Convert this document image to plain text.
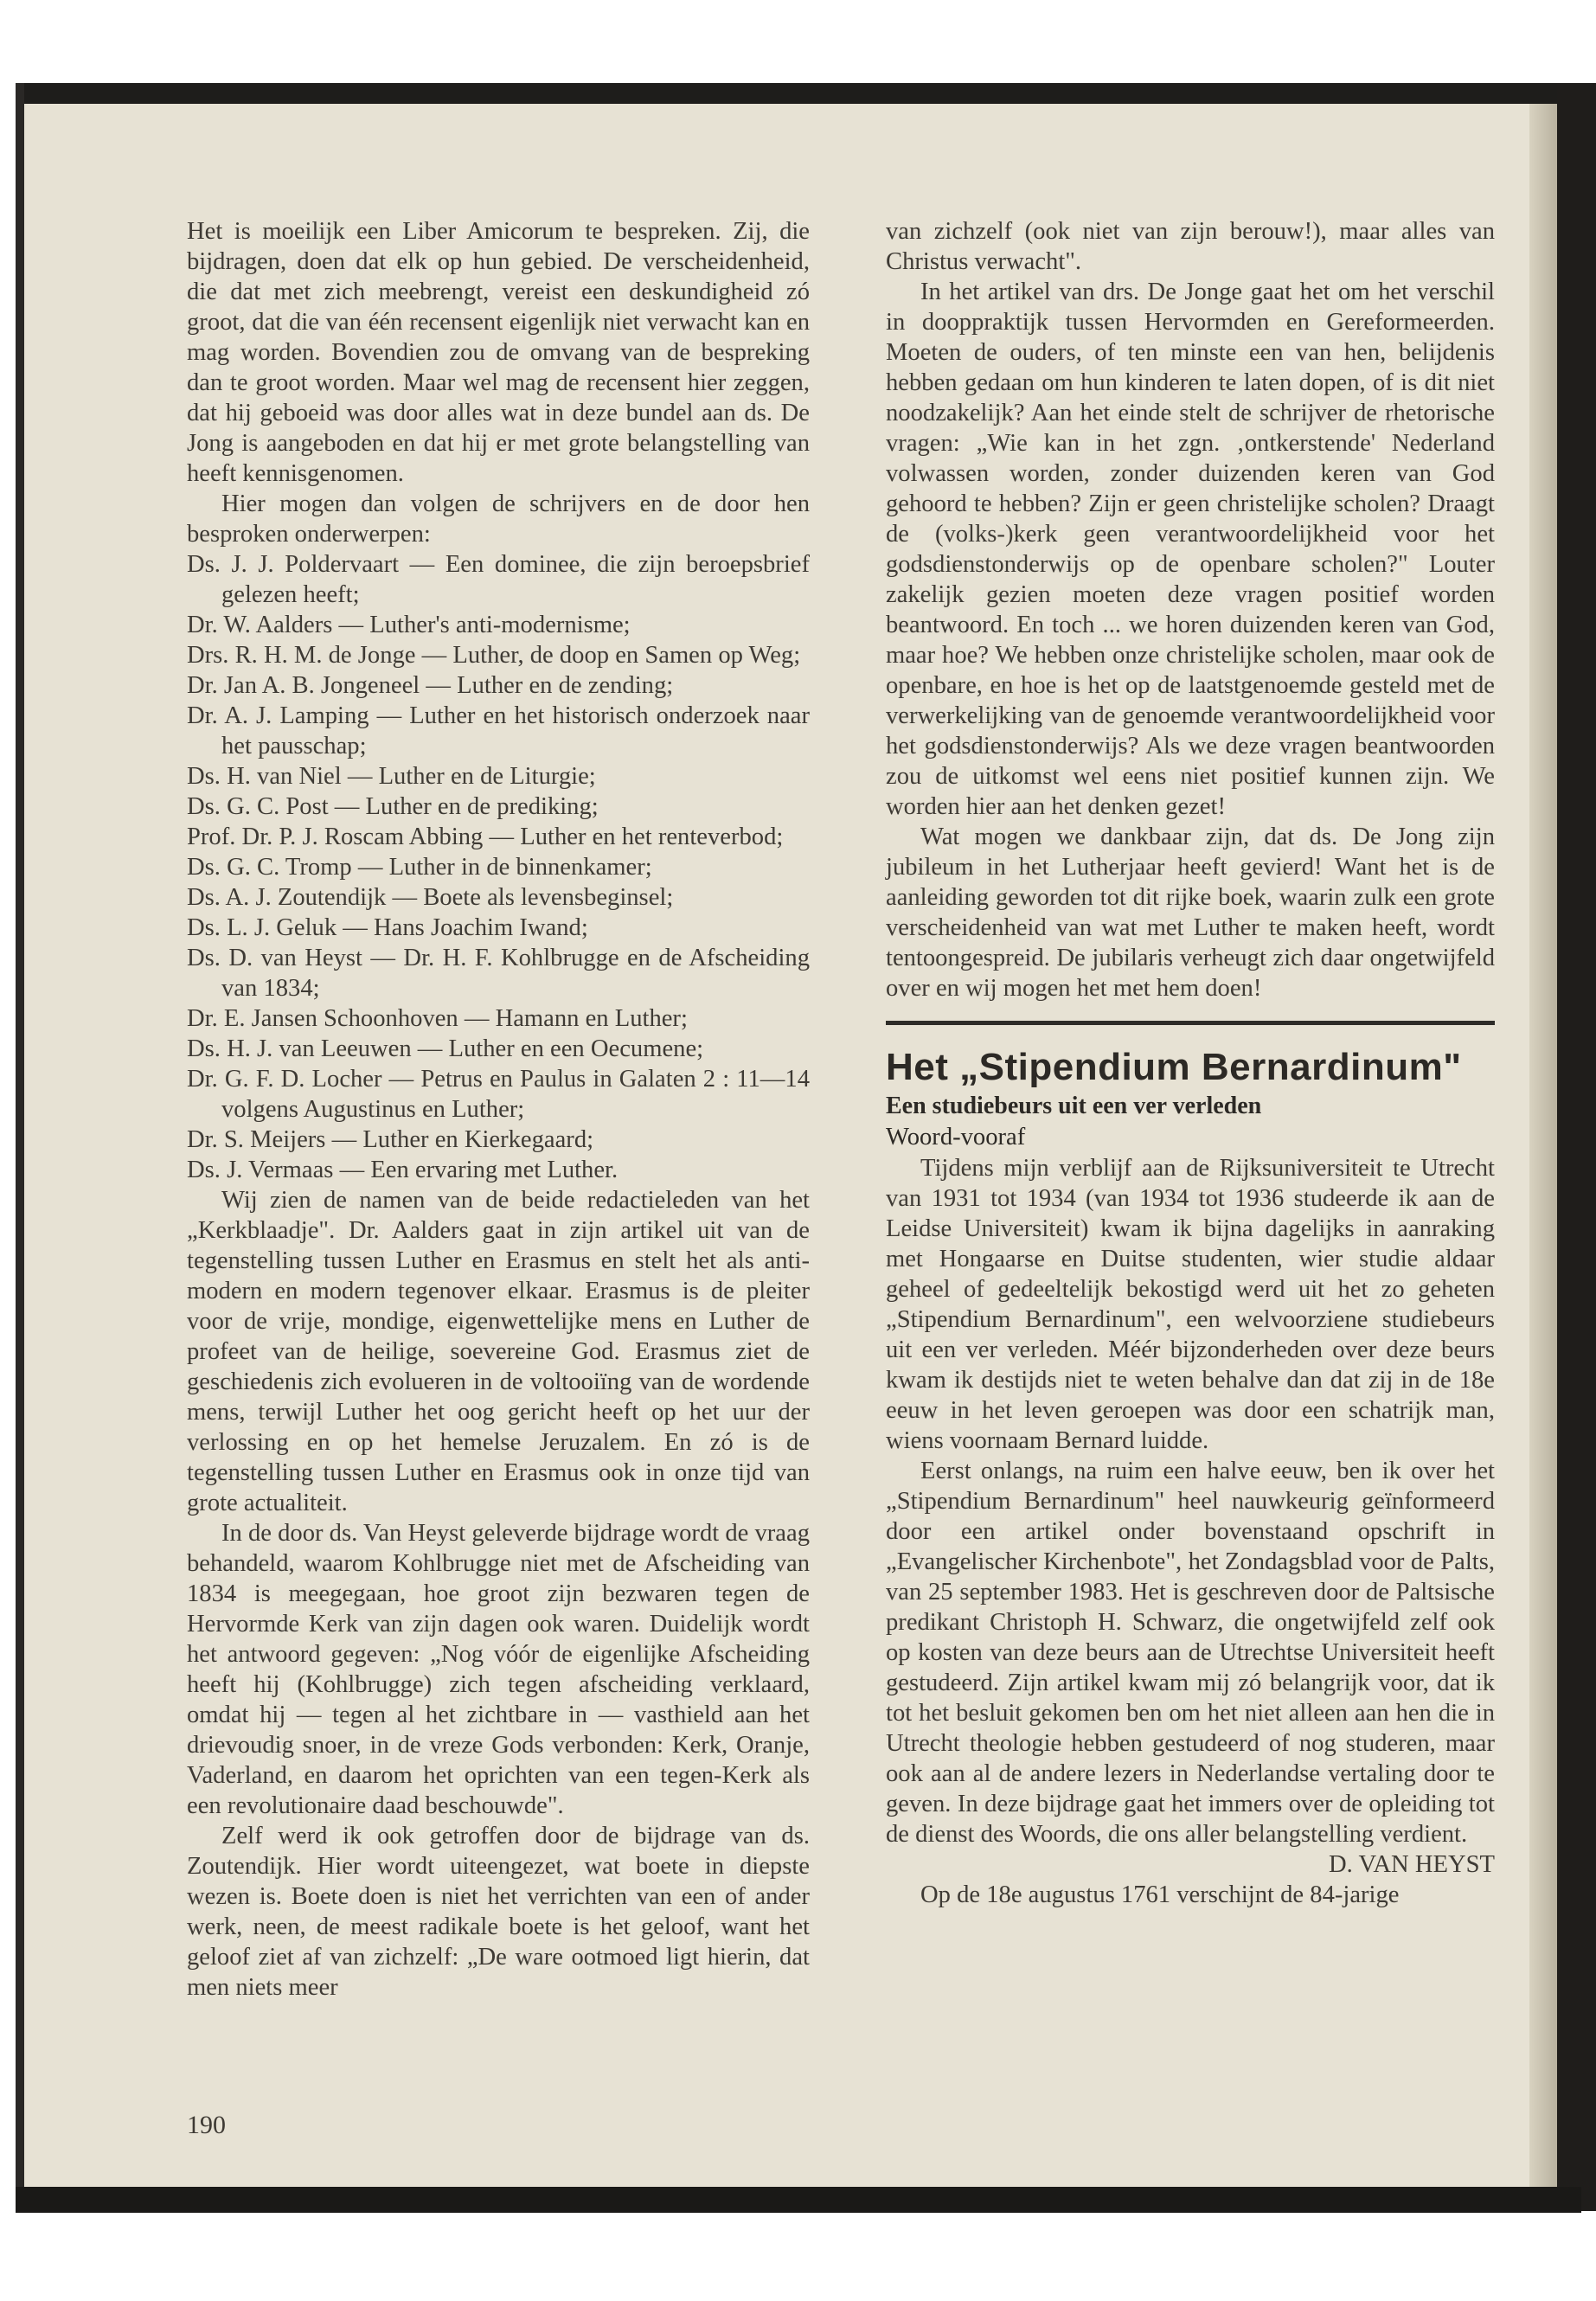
Het is moeilijk een Liber Amicorum te bespreken. Zij, die bijdragen, doen dat elk op hun gebied. De verscheidenheid, die dat met zich meebrengt, vereist een deskundigheid zó groot, dat die van één recensent eigenlijk niet verwacht kan en mag worden. Bovendien zou de omvang van de bespreking dan te groot worden. Maar wel mag de recensent hier zeggen, dat hij geboeid was door alles wat in deze bundel aan ds. De Jong is aangeboden en dat hij er met grote belangstelling van heeft kennisgenomen.

Hier mogen dan volgen de schrijvers en de door hen besproken onderwerpen:

Ds. J. J. Poldervaart — Een dominee, die zijn beroepsbrief gelezen heeft;

Dr. W. Aalders — Luther's anti-modernisme;

Drs. R. H. M. de Jonge — Luther, de doop en Samen op Weg;

Dr. Jan A. B. Jongeneel — Luther en de zending;

Dr. A. J. Lamping — Luther en het historisch onderzoek naar het pausschap;

Ds. H. van Niel — Luther en de Liturgie;

Ds. G. C. Post — Luther en de prediking;

Prof. Dr. P. J. Roscam Abbing — Luther en het renteverbod;

Ds. G. C. Tromp — Luther in de binnenkamer;

Ds. A. J. Zoutendijk — Boete als levensbeginsel;

Ds. L. J. Geluk — Hans Joachim Iwand;

Ds. D. van Heyst — Dr. H. F. Kohlbrugge en de Afscheiding van 1834;

Dr. E. Jansen Schoonhoven — Hamann en Luther;

Ds. H. J. van Leeuwen — Luther en een Oecumene;

Dr. G. F. D. Locher — Petrus en Paulus in Galaten 2 : 11—14 volgens Augustinus en Luther;

Dr. S. Meijers — Luther en Kierkegaard;

Ds. J. Vermaas — Een ervaring met Luther.

Wij zien de namen van de beide redactieleden van het „Kerkblaadje". Dr. Aalders gaat in zijn artikel uit van de tegenstelling tussen Luther en Erasmus en stelt het als anti-modern en modern tegenover elkaar. Erasmus is de pleiter voor de vrije, mondige, eigenwettelijke mens en Luther de profeet van de heilige, soevereine God. Erasmus ziet de geschiedenis zich evolueren in de voltooiïng van de wordende mens, terwijl Luther het oog gericht heeft op het uur der verlossing en op het hemelse Jeruzalem. En zó is de tegenstelling tussen Luther en Erasmus ook in onze tijd van grote actualiteit.

In de door ds. Van Heyst geleverde bijdrage wordt de vraag behandeld, waarom Kohlbrugge niet met de Afscheiding van 1834 is meegegaan, hoe groot zijn bezwaren tegen de Hervormde Kerk van zijn dagen ook waren. Duidelijk wordt het antwoord gegeven: „Nog vóór de eigenlijke Afscheiding heeft hij (Kohlbrugge) zich tegen afscheiding verklaard, omdat hij — tegen al het zichtbare in — vasthield aan het drievoudig snoer, in de vreze Gods verbonden: Kerk, Oranje, Vaderland, en daarom het oprichten van een tegen-Kerk als een revolutionaire daad beschouwde".

Zelf werd ik ook getroffen door de bijdrage van ds. Zoutendijk. Hier wordt uiteengezet, wat boete in diepste wezen is. Boete doen is niet het verrichten van een of ander werk, neen, de meest radikale boete is het geloof, want het geloof ziet af van zichzelf: „De ware ootmoed ligt hierin, dat men niets meer

van zichzelf (ook niet van zijn berouw!), maar alles van Christus verwacht".

In het artikel van drs. De Jonge gaat het om het verschil in dooppraktijk tussen Hervormden en Gereformeerden. Moeten de ouders, of ten minste een van hen, belijdenis hebben gedaan om hun kinderen te laten dopen, of is dit niet noodzakelijk? Aan het einde stelt de schrijver de rhetorische vragen: „Wie kan in het zgn. ‚ontkerstende' Nederland volwassen worden, zonder duizenden keren van God gehoord te hebben? Zijn er geen christelijke scholen? Draagt de (volks-)kerk geen verantwoordelijkheid voor het godsdienstonderwijs op de openbare scholen?" Louter zakelijk gezien moeten deze vragen positief worden beantwoord. En toch ... we horen duizenden keren van God, maar hoe? We hebben onze christelijke scholen, maar ook de openbare, en hoe is het op de laatstgenoemde gesteld met de verwerkelijking van de genoemde verantwoordelijkheid voor het godsdienstonderwijs? Als we deze vragen beantwoorden zou de uitkomst wel eens niet positief kunnen zijn. We worden hier aan het denken gezet!

Wat mogen we dankbaar zijn, dat ds. De Jong zijn jubileum in het Lutherjaar heeft gevierd! Want het is de aanleiding geworden tot dit rijke boek, waarin zulk een grote verscheidenheid van wat met Luther te maken heeft, wordt tentoongespreid. De jubilaris verheugt zich daar ongetwijfeld over en wij mogen het met hem doen!

Het „Stipendium Bernardinum"

Een studiebeurs uit een ver verleden

Woord-vooraf

Tijdens mijn verblijf aan de Rijksuniversiteit te Utrecht van 1931 tot 1934 (van 1934 tot 1936 studeerde ik aan de Leidse Universiteit) kwam ik bijna dagelijks in aanraking met Hongaarse en Duitse studenten, wier studie aldaar geheel of gedeeltelijk bekostigd werd uit het zo geheten „Stipendium Bernardinum", een welvoorziene studiebeurs uit een ver verleden. Méér bijzonderheden over deze beurs kwam ik destijds niet te weten behalve dan dat zij in de 18e eeuw in het leven geroepen was door een schatrijk man, wiens voornaam Bernard luidde.

Eerst onlangs, na ruim een halve eeuw, ben ik over het „Stipendium Bernardinum" heel nauwkeurig geïnformeerd door een artikel onder bovenstaand opschrift in „Evangelischer Kirchenbote", het Zondagsblad voor de Palts, van 25 september 1983. Het is geschreven door de Paltsische predikant Christoph H. Schwarz, die ongetwijfeld zelf ook op kosten van deze beurs aan de Utrechtse Universiteit heeft gestudeerd. Zijn artikel kwam mij zó belangrijk voor, dat ik tot het besluit gekomen ben om het niet alleen aan hen die in Utrecht theologie hebben gestudeerd of nog studeren, maar ook aan al de andere lezers in Nederlandse vertaling door te geven. In deze bijdrage gaat het immers over de opleiding tot de dienst des Woords, die ons aller belangstelling verdient.

D. VAN HEYST

Op de 18e augustus 1761 verschijnt de 84-jarige

190
